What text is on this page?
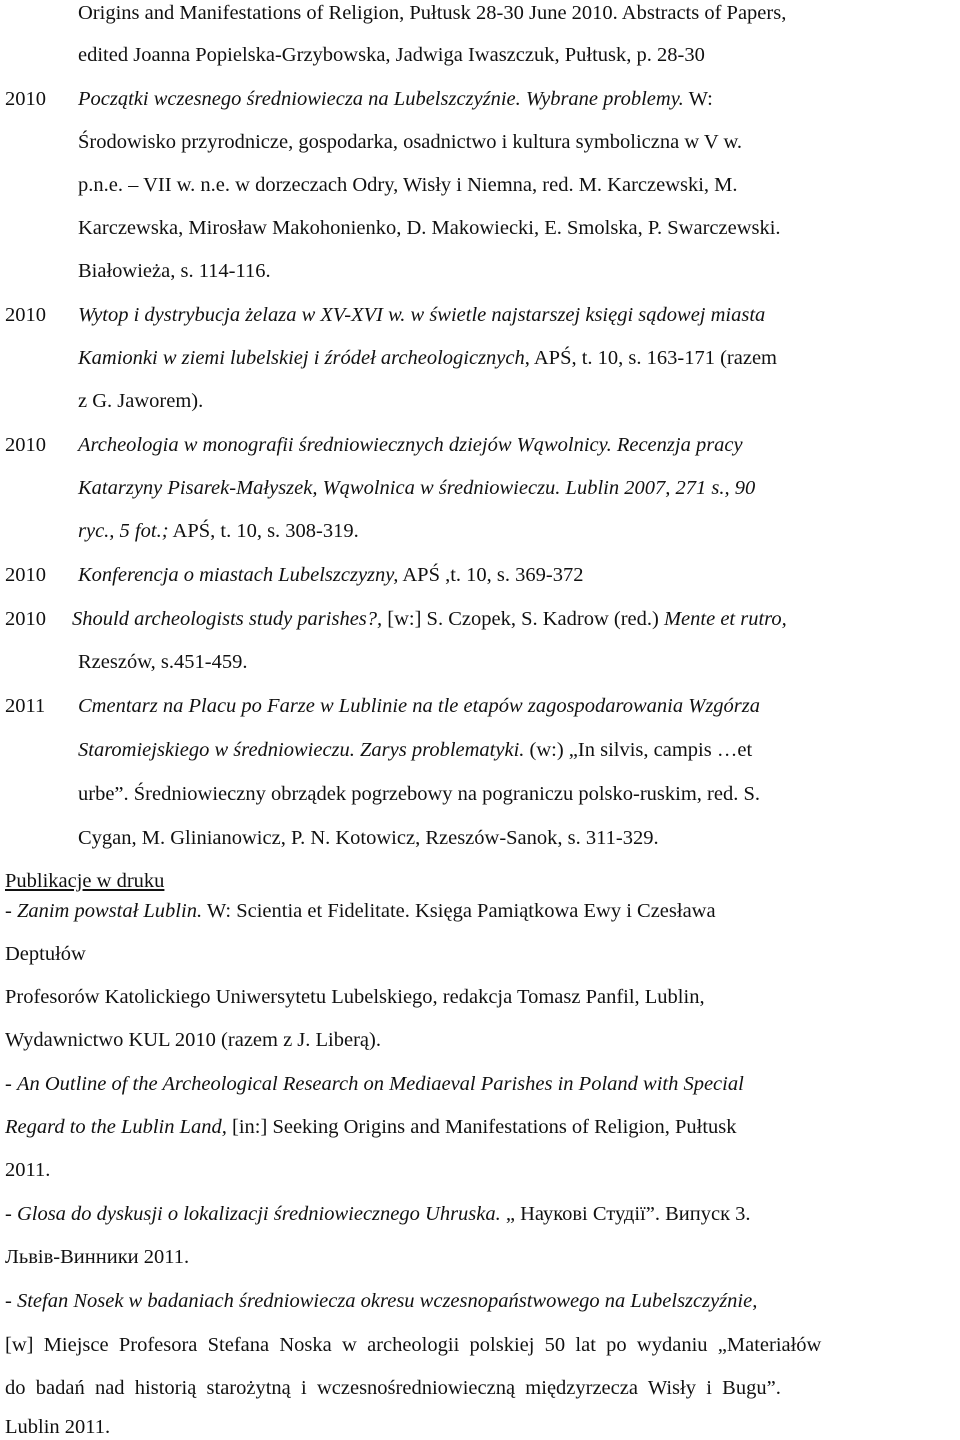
Origins and Manifestations of Religion, Pułtusk 28-30 June 2010. Abstracts of Papers,
edited Joanna Popielska-Grzybowska, Jadwiga Iwaszczuk, Pułtusk, p. 28-30
2010 Początki wczesnego średniowiecza na Lubelszczyźnie. Wybrane problemy. W:
Środowisko przyrodnicze, gospodarka, osadnictwo i kultura symboliczna w V w.
p.n.e. – VII w. n.e. w dorzeczach Odry, Wisły i Niemna, red. M. Karczewski, M.
Karczewska, Mirosław Makohonienko, D. Makowiecki, E. Smolska, P. Swarczewski.
Białowieża, s. 114-116.
2010 Wytop i dystrybucja żelaza w XV-XVI w. w świetle najstarszej księgi sądowej miasta
Kamionki w ziemi lubelskiej i źródeł archeologicznych, APŚ, t. 10, s. 163-171 (razem
z G. Jaworem).
2010 Archeologia w monografii średniowiecznych dziejów Wąwolnicy. Recenzja pracy
Katarzyny Pisarek-Małyszek, Wąwolnica w średniowieczu. Lublin 2007, 271 s., 90
ryc., 5 fot.; APŚ, t. 10, s. 308-319.
2010 Konferencja o miastach Lubelszczyzny, APŚ ,t. 10, s. 369-372
2010 Should archeologists study parishes?, [w:] S. Czopek, S. Kadrow (red.) Mente et rutro,
Rzeszów, s.451-459.
2011 Cmentarz na Placu po Farze w Lublinie na tle etapów zagospodarowania Wzgórza
Staromiejskiego w średniowieczu. Zarys problematyki. (w:) „In silvis, campis …et
urbe”. Średniowieczny obrządek pogrzebowy na pograniczu polsko-ruskim, red. S.
Cygan, M. Glinianowicz, P. N. Kotowicz, Rzeszów-Sanok, s. 311-329.
Publikacje w druku
- Zanim powstał Lublin. W: Scientia et Fidelitate. Księga Pamiątkowa Ewy i Czesława
Deptułów
Profesorów Katolickiego Uniwersytetu Lubelskiego, redakcja Tomasz Panfil, Lublin,
Wydawnictwo KUL 2010 (razem z J. Liberą).
- An Outline of the Archeological Research on Mediaeval Parishes in Poland with Special
Regard to the Lublin Land, [in:] Seeking Origins and Manifestations of Religion, Pułtusk
2011.
- Glosa do dyskusji o lokalizacji średniowiecznego Uhruska. „ Наукові Студії”. Випуск 3.
Львів-Винники 2011.
- Stefan Nosek w badaniach średniowiecza okresu wczesnopaństwowego na Lubelszczyźnie,
[w] Miejsce Profesora Stefana Noska w archeologii polskiej 50 lat po wydaniu „Materiałów
do badań nad historią starożytną i wczesnośredniowieczną międzyrzecza Wisły i Bugu”.
Lublin 2011.
